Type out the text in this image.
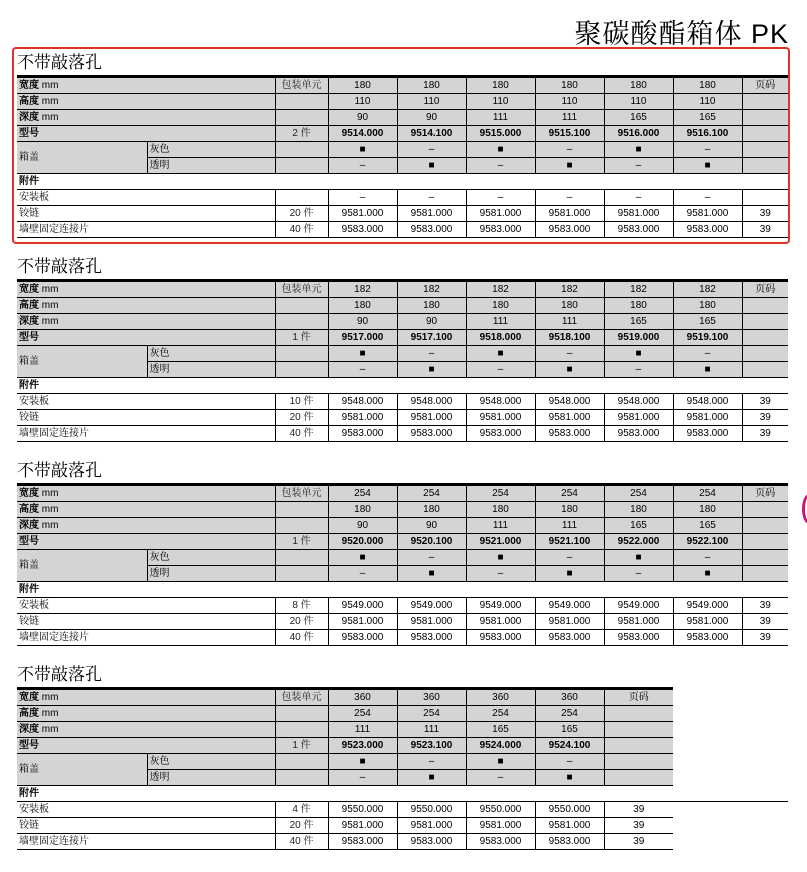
聚碳酸酯箱体 PK
不带敲落孔
宽度 mm		包装单元	180	180	180	180	180	180	页码
高度 mm			110	110	110	110	110	110	
深度 mm			90	90	111	111	165	165	
型号		2 件	9514.000	9514.100	9515.000	9515.100	9516.000	9516.100	
箱盖	灰色		■	–	■	–	■	–	
	透明		–	■	–	■	–	■	
附件									
安装板			–	–	–	–	–	–	
铰链		20 件	9581.000	9581.000	9581.000	9581.000	9581.000	9581.000	39
墙壁固定连接片		40 件	9583.000	9583.000	9583.000	9583.000	9583.000	9583.000	39
不带敲落孔
宽度 mm		包装单元	182	182	182	182	182	182	页码
高度 mm			180	180	180	180	180	180	
深度 mm			90	90	111	111	165	165	
型号		1 件	9517.000	9517.100	9518.000	9518.100	9519.000	9519.100	
箱盖	灰色		■	–	■	–	■	–	
	透明		–	■	–	■	–	■	
附件									
安装板		10 件	9548.000	9548.000	9548.000	9548.000	9548.000	9548.000	39
铰链		20 件	9581.000	9581.000	9581.000	9581.000	9581.000	9581.000	39
墙壁固定连接片		40 件	9583.000	9583.000	9583.000	9583.000	9583.000	9583.000	39
不带敲落孔
宽度 mm		包装单元	254	254	254	254	254	254	页码
高度 mm			180	180	180	180	180	180	
深度 mm			90	90	111	111	165	165	
型号		1 件	9520.000	9520.100	9521.000	9521.100	9522.000	9522.100	
箱盖	灰色		■	–	■	–	■	–	
	透明		–	■	–	■	–	■	
附件									
安装板		8 件	9549.000	9549.000	9549.000	9549.000	9549.000	9549.000	39
铰链		20 件	9581.000	9581.000	9581.000	9581.000	9581.000	9581.000	39
墙壁固定连接片		40 件	9583.000	9583.000	9583.000	9583.000	9583.000	9583.000	39
不带敲落孔
宽度 mm		包装单元	360	360	360	360	页码
高度 mm			254	254	254	254	
深度 mm			111	111	165	165	
型号		1 件	9523.000	9523.100	9524.000	9524.100	
箱盖	灰色		■	–	■	–	
	透明		–	■	–	■	
附件							
安装板		4 件	9550.000	9550.000	9550.000	9550.000	39
铰链		20 件	9581.000	9581.000	9581.000	9581.000	39
墙壁固定连接片		40 件	9583.000	9583.000	9583.000	9583.000	39
